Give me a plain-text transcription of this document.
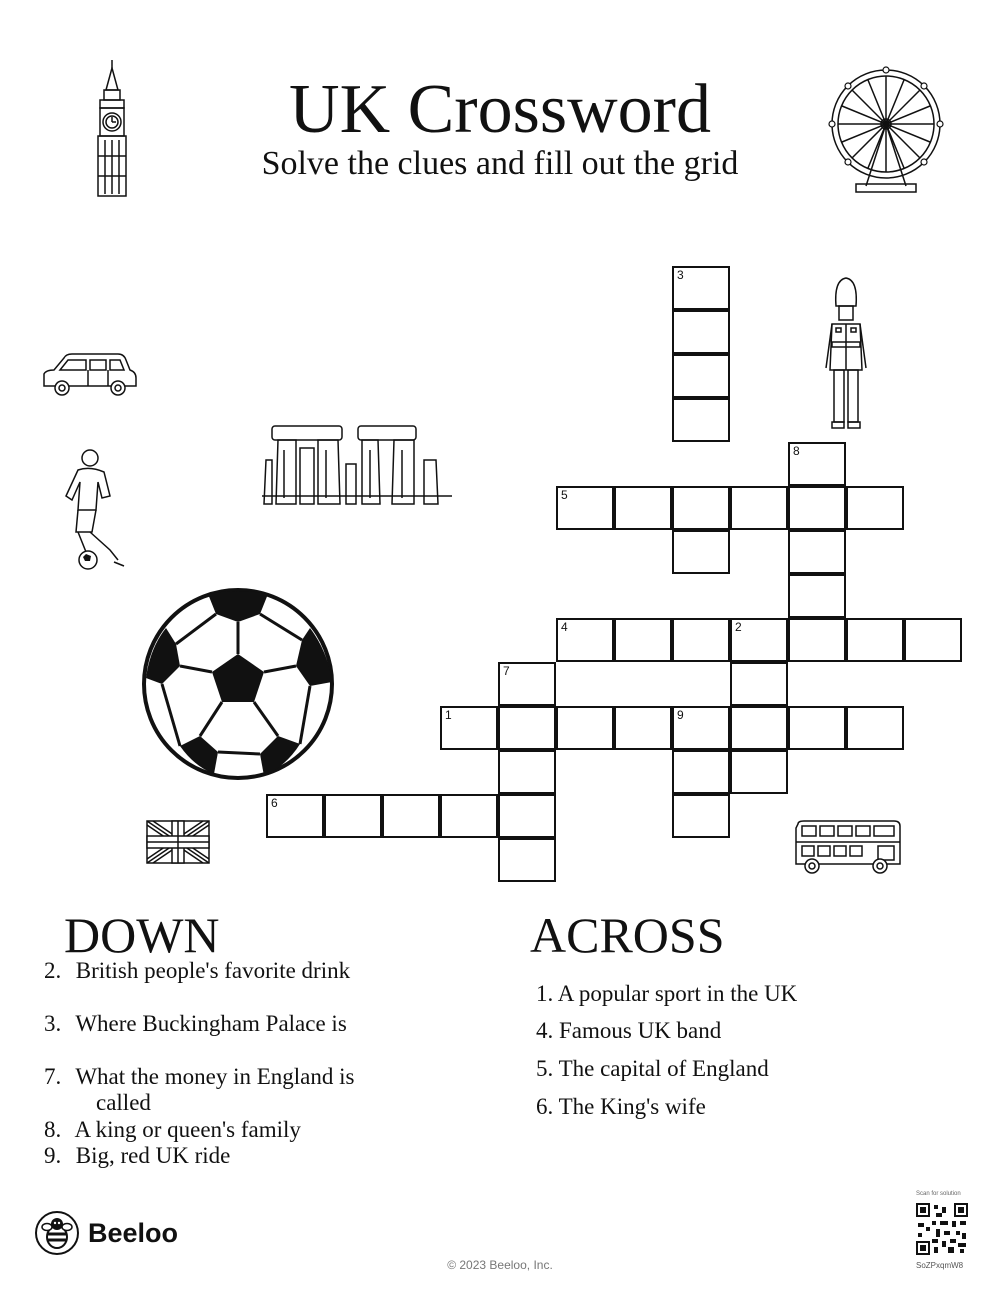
UK Crossword
Solve the clues and fill out the grid
3
8
5
4	2
7
1	9
6
DOWN
2. British people's favorite drink
3. Where Buckingham Palace is
7. What the money in England is called
8. A king or queen's family
9. Big, red UK ride
ACROSS
1. A popular sport in the UK
4. Famous UK band
5. The capital of England
6. The King's wife
Beeloo
© 2023 Beeloo, Inc.
Scan for solution
SoZPxqmW8
